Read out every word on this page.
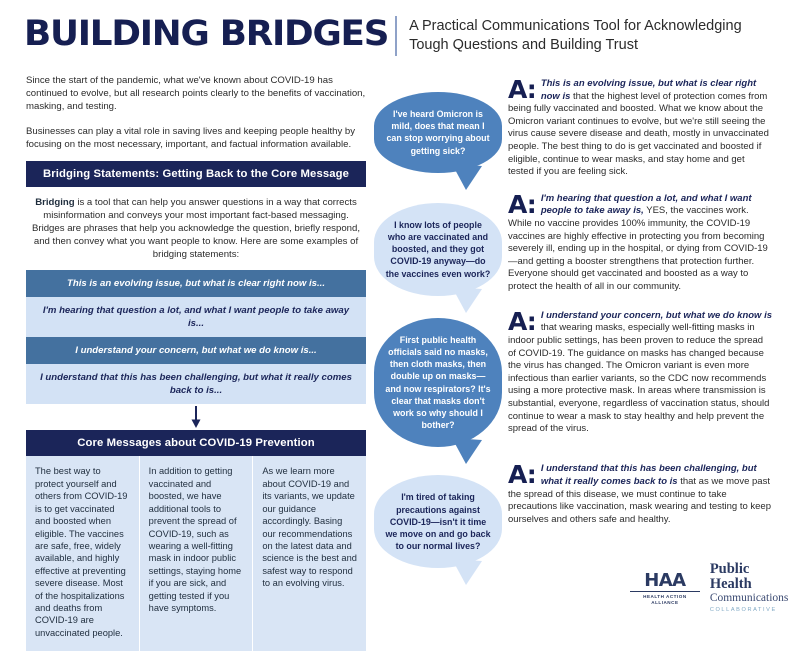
BUILDING BRIDGES A Practical Communications Tool for Acknowledging Tough Questions and Building Trust

Since the start of the pandemic, what we've known about COVID-19 has continued to evolve, but all research points clearly to the benefits of vaccination, masking, and testing.

Businesses can play a vital role in saving lives and keeping people healthy by focusing on the most necessary, important, and factual information available.

Bridging Statements: Getting Back to the Core Message
Bridging is a tool that can help you answer questions in a way that corrects misinformation and conveys your most important fact-based messaging. Bridges are phrases that help you acknowledge the question, briefly respond, and then convey what you want people to know. Here are some examples of bridging statements:
This is an evolving issue, but what is clear right now is...
I'm hearing that question a lot, and what I want people to take away is...
I understand your concern, but what we do know is...
I understand that this has been challenging, but what it really comes back to is...
Core Messages about COVID-19 Prevention
The best way to protect yourself and others from COVID-19 is to get vaccinated and boosted when eligible. The vaccines are safe, free, widely available, and highly effective at preventing severe disease. Most of the hospitalizations and deaths from COVID-19 are unvaccinated people.
In addition to getting vaccinated and boosted, we have additional tools to prevent the spread of COVID-19, such as wearing a well-fitting mask in indoor public settings, staying home if you are sick, and getting tested if you have symptoms.
As we learn more about COVID-19 and its variants, we update our guidance accordingly. Basing our recommendations on the latest data and science is the best and safest way to respond to an evolving virus.
I've heard Omicron is mild, does that mean I can stop worrying about getting sick?
A: This is an evolving issue, but what is clear right now is that the highest level of protection comes from being fully vaccinated and boosted. What we know about the Omicron variant continues to evolve, but we're still seeing the virus cause severe disease and death, mostly in unvaccinated people. The best thing to do is get vaccinated and boosted if eligible, continue to wear masks, and stay home and get tested if you are feeling sick.
I know lots of people who are vaccinated and boosted, and they got COVID-19 anyway—do the vaccines even work?
A: I'm hearing that question a lot, and what I want people to take away is, YES, the vaccines work. While no vaccine provides 100% immunity, the COVID-19 vaccines are highly effective in protecting you from becoming severely ill, ending up in the hospital, or dying from COVID-19—and getting a booster strengthens that protection further. Everyone should get vaccinated and boosted as a way to protect the health of all in our community.
First public health officials said no masks, then cloth masks, then double up on masks—and now respirators? It's clear that masks don't work so why should I bother?
A: I understand your concern, but what we do know is that wearing masks, especially well-fitting masks in indoor public settings, has been proven to reduce the spread of COVID-19. The guidance on masks has changed because the virus has changed. The Omicron variant is even more infectious than earlier variants, so the CDC now recommends using a more protective mask. In areas where transmission is substantial, everyone, regardless of vaccination status, should continue to wear a mask to stay healthy and help prevent the spread of the virus.
I'm tired of taking precautions against COVID-19—isn't it time we move on and go back to our normal lives?
A: I understand that this has been challenging, but what it really comes back to is that as we move past the spread of this disease, we must continue to take precautions like vaccination, mask wearing and testing to keep ourselves and others safe and healthy.
HAA
HEALTH ACTION
ALLIANCE
Public Health
Communications
COLLABORATIVE
